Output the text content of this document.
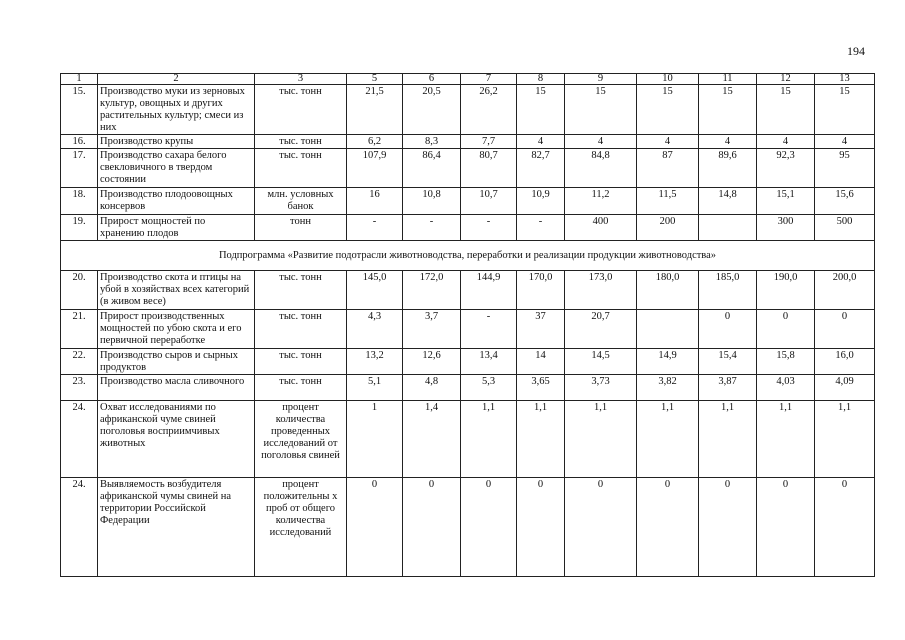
194
1	2	3	5	6	7	8	9	10	11	12	13
15.	Производство муки из зерновых культур, овощных и других растительных культур; смеси из них	тыс. тонн	21,5	20,5	26,2	15	15	15	15	15	15
16.	Производство крупы	тыс. тонн	6,2	8,3	7,7	4	4	4	4	4	4
17.	Производство сахара белого свекловичного в твердом состоянии	тыс. тонн	107,9	86,4	80,7	82,7	84,8	87	89,6	92,3	95
18.	Производство плодоовощных консервов	млн. условных банок	16	10,8	10,7	10,9	11,2	11,5	14,8	15,1	15,6
19.	Прирост мощностей по хранению плодов	тонн	-	-	-	-	400	200		300	500
Подпрограмма «Развитие подотрасли животноводства, переработки и реализации продукции животноводства»											
20.	Производство скота и птицы на убой в хозяйствах всех категорий (в живом весе)	тыс. тонн	145,0	172,0	144,9	170,0	173,0	180,0	185,0	190,0	200,0
21.	Прирост производственных мощностей по убою скота и его первичной переработке	тыс. тонн	4,3	3,7	-	37	20,7		0	0	0
22.	Производство сыров и сырных продуктов	тыс. тонн	13,2	12,6	13,4	14	14,5	14,9	15,4	15,8	16,0
23.	Производство масла сливочного	тыс. тонн	5,1	4,8	5,3	3,65	3,73	3,82	3,87	4,03	4,09
24.	Охват исследованиями по африканской чуме свиней поголовья восприимчивых животных	процент количества проведенных исследований от поголовья свиней	1	1,4	1,1	1,1	1,1	1,1	1,1	1,1	1,1
24.	Выявляемость возбудителя африканской чумы свиней на территории Российской Федерации	процент положительны х проб от общего количества исследований	0	0	0	0	0	0	0	0	0
